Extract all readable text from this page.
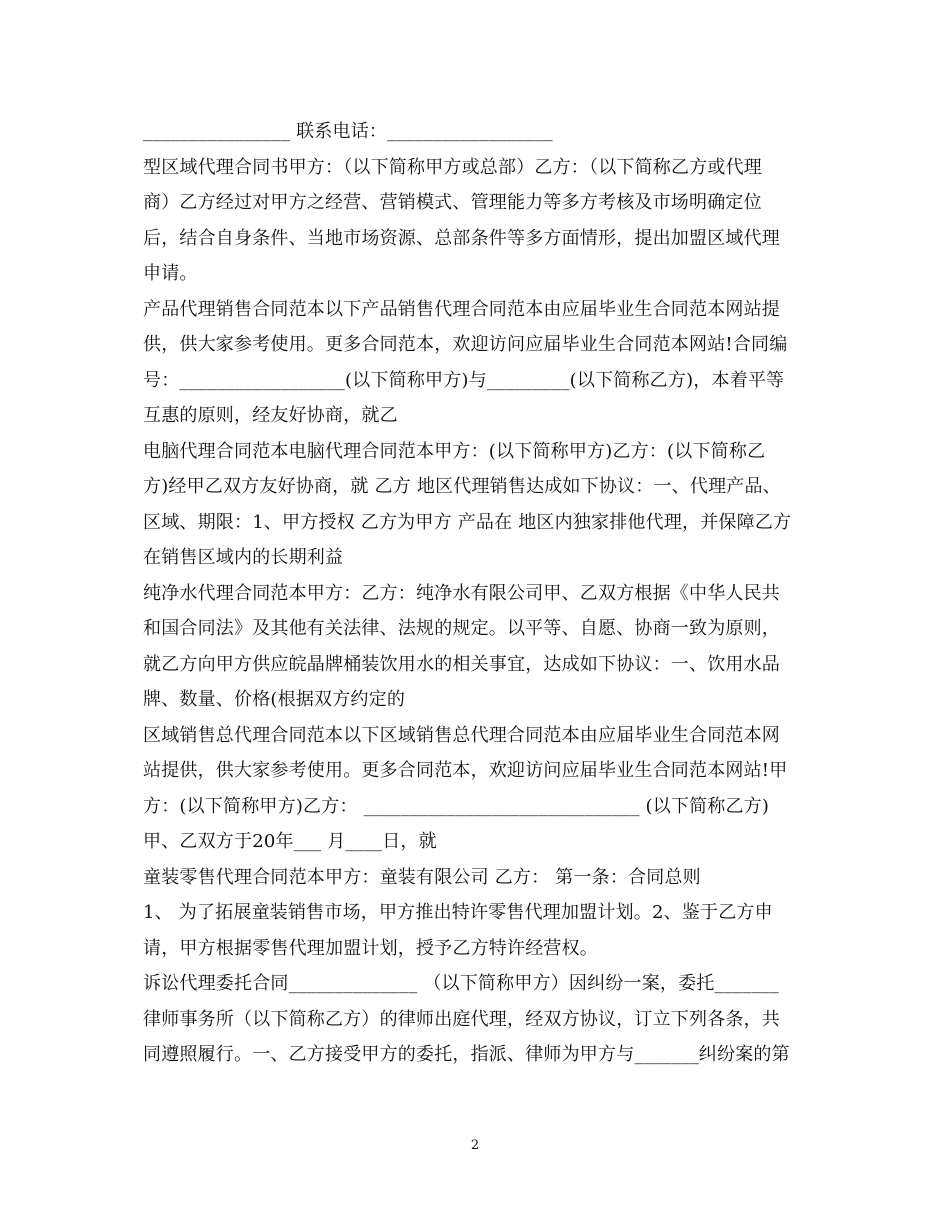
________________ 联系电话：__________________
型区域代理合同书甲方：（以下简称甲方或总部）乙方：（以下简称乙方或代理
商）乙方经过对甲方之经营、营销模式、管理能力等多方考核及市场明确定位
后，结合自身条件、当地市场资源、总部条件等多方面情形，提出加盟区域代理
申请。
产品代理销售合同范本以下产品销售代理合同范本由应届毕业生合同范本网站提
供，供大家参考使用。更多合同范本，欢迎访问应届毕业生合同范本网站!合同编
号：__________________(以下简称甲方)与_________(以下简称乙方)，本着平等
互惠的原则，经友好协商，就乙
电脑代理合同范本电脑代理合同范本甲方：(以下简称甲方)乙方：(以下简称乙
方)经甲乙双方友好协商，就 乙方 地区代理销售达成如下协议：一、代理产品、
区域、期限：1、甲方授权 乙方为甲方 产品在 地区内独家排他代理，并保障乙方
在销售区域内的长期利益
纯净水代理合同范本甲方：乙方：纯净水有限公司甲、乙双方根据《中华人民共
和国合同法》及其他有关法律、法规的规定。以平等、自愿、协商一致为原则，
就乙方向甲方供应皖晶牌桶装饮用水的相关事宜，达成如下协议：一、饮用水品
牌、数量、价格(根据双方约定的
区域销售总代理合同范本以下区域销售总代理合同范本由应届毕业生合同范本网
站提供，供大家参考使用。更多合同范本，欢迎访问应届毕业生合同范本网站!甲
方：(以下简称甲方)乙方： ______________________________ (以下简称乙方)
甲、乙双方于20年___ 月____日，就
童装零售代理合同范本甲方：童装有限公司 乙方： 第一条：合同总则
1、 为了拓展童装销售市场，甲方推出特许零售代理加盟计划。2、鉴于乙方申
请，甲方根据零售代理加盟计划，授予乙方特许经营权。
诉讼代理委托合同______________ （以下简称甲方）因纠纷一案，委托_______
律师事务所（以下简称乙方）的律师出庭代理，经双方协议，订立下列各条，共
同遵照履行。一、乙方接受甲方的委托，指派、律师为甲方与_______纠纷案的第
2
